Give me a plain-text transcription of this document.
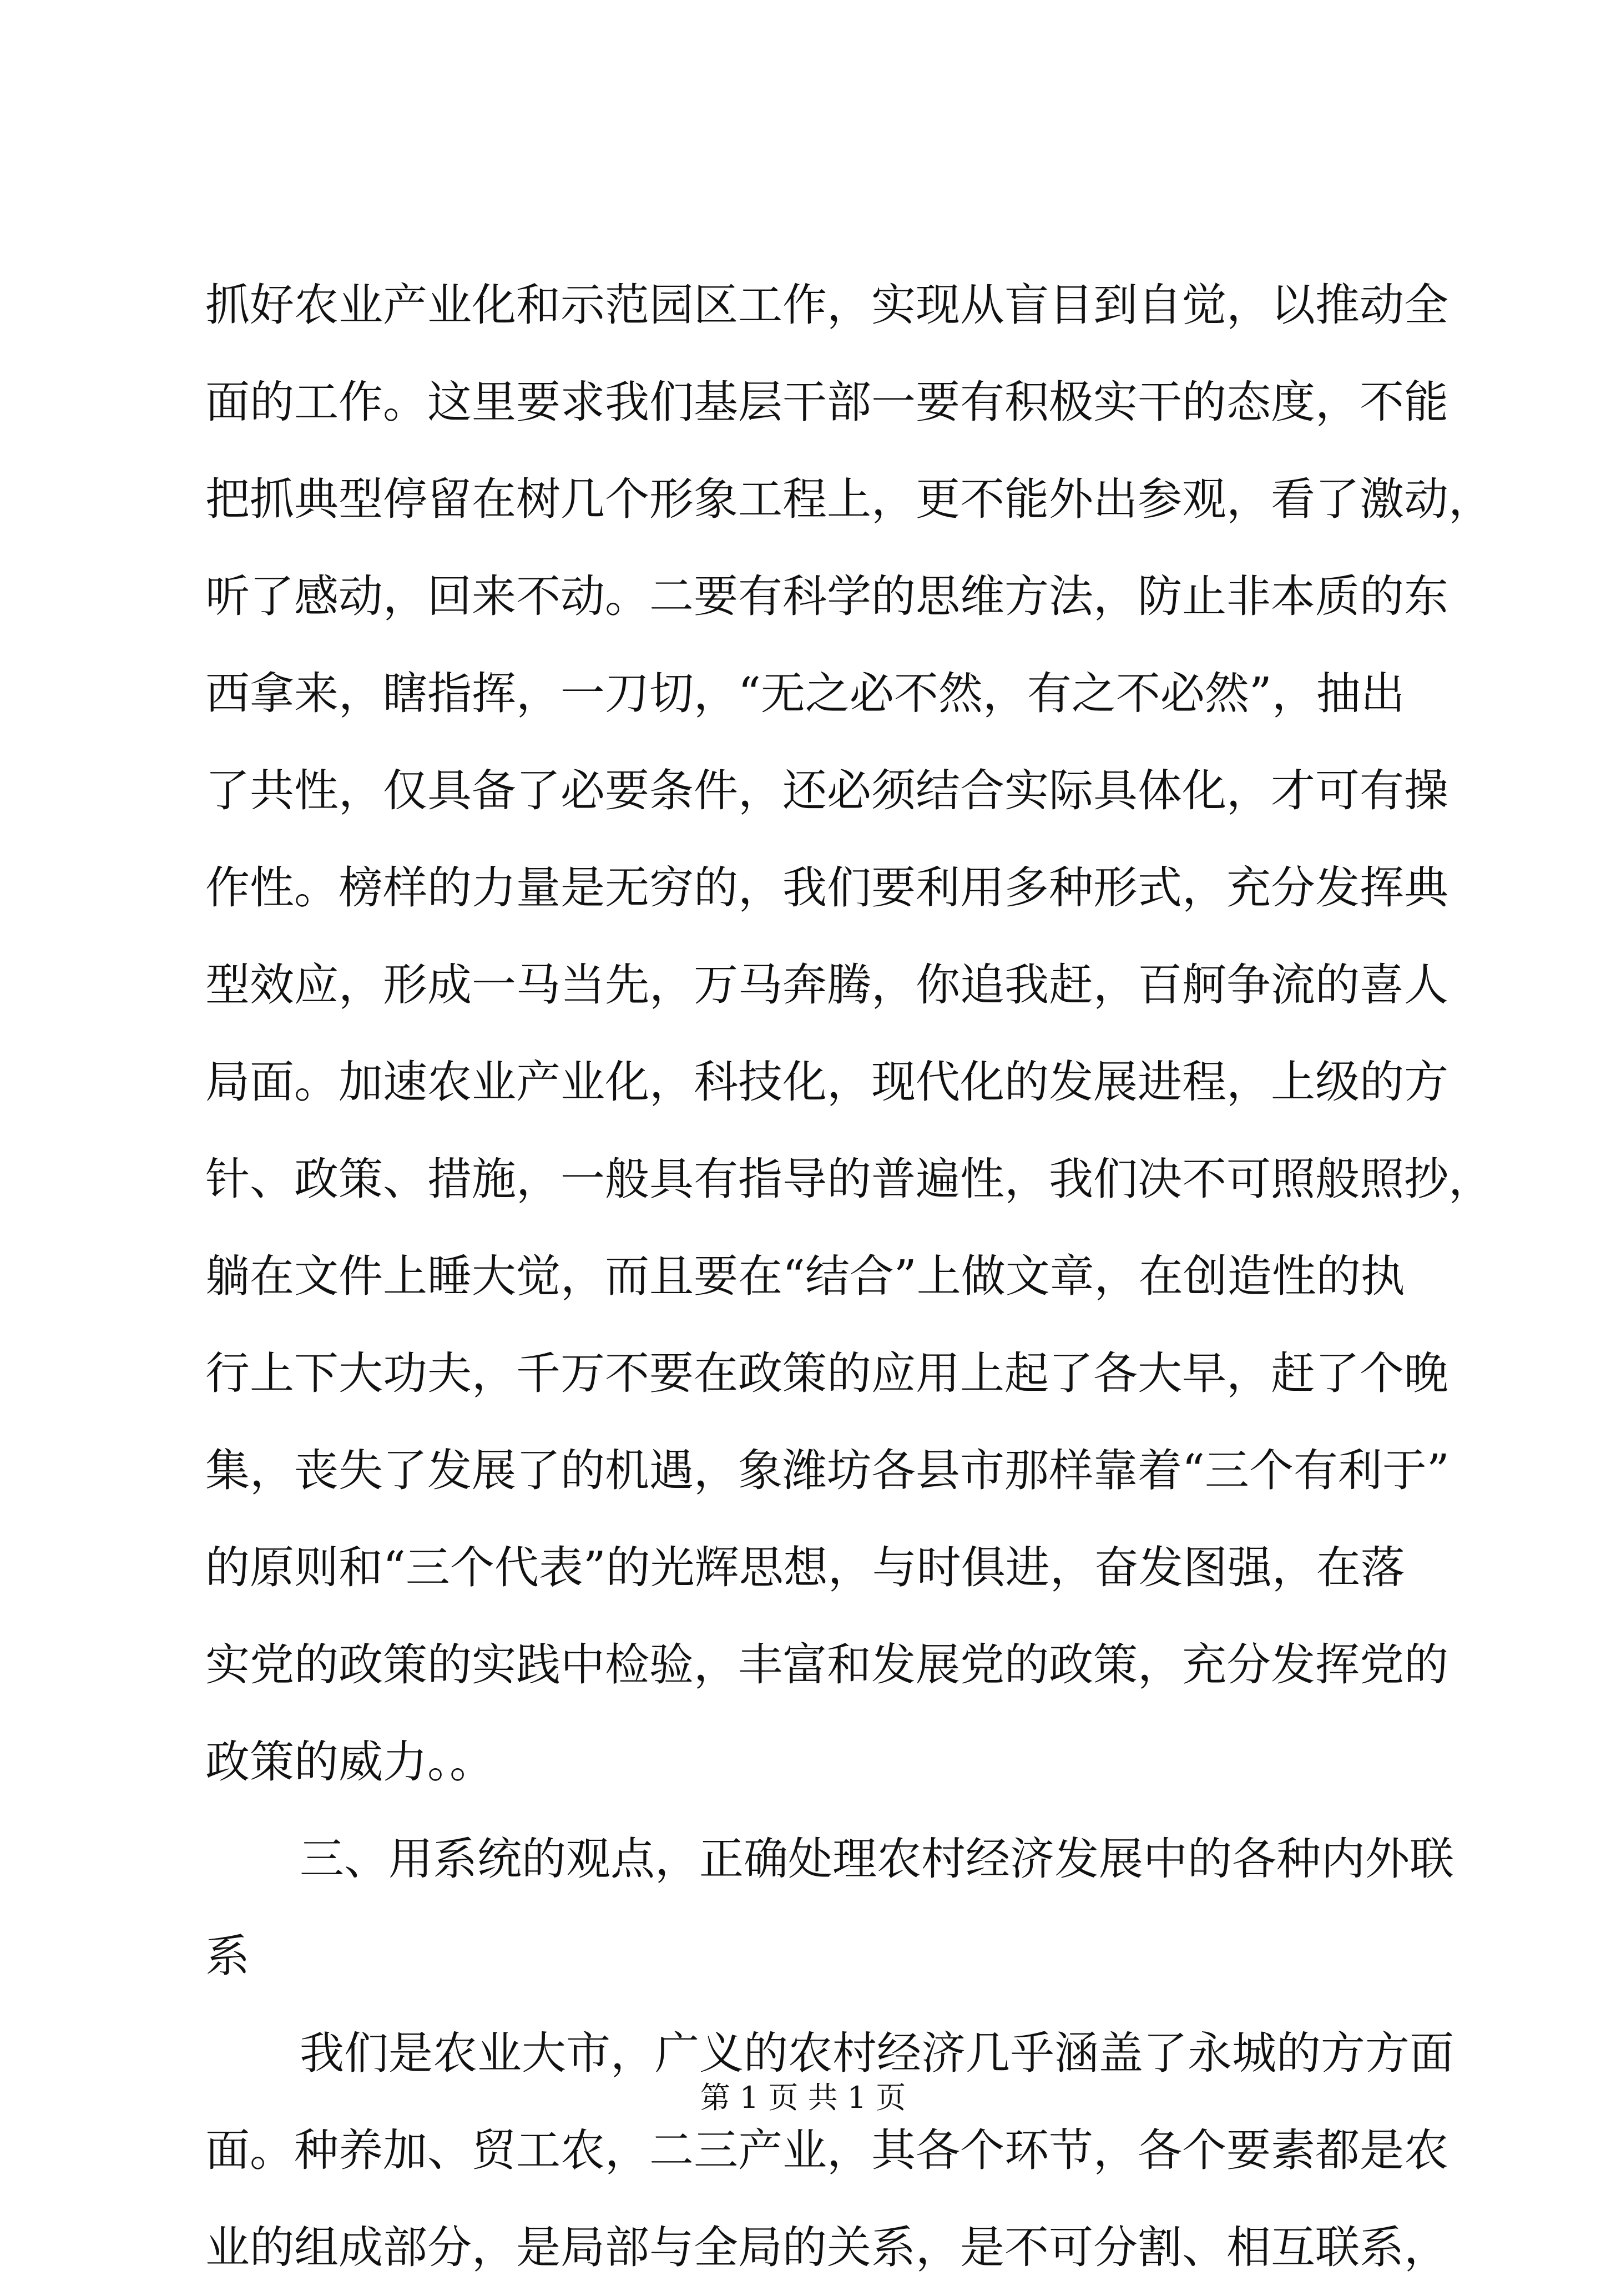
抓好农业产业化和示范园区工作，实现从盲目到自觉，以推动全
面的工作。这里要求我们基层干部一要有积极实干的态度，不能
把抓典型停留在树几个形象工程上，更不能外出参观，看了激动，
听了感动，回来不动。二要有科学的思维方法，防止非本质的东
西拿来，瞎指挥，一刀切，“无之必不然，有之不必然”，抽出
了共性，仅具备了必要条件，还必须结合实际具体化，才可有操
作性。榜样的力量是无穷的，我们要利用多种形式，充分发挥典
型效应，形成一马当先，万马奔腾，你追我赶，百舸争流的喜人
局面。加速农业产业化，科技化，现代化的发展进程，上级的方
针、政策、措施，一般具有指导的普遍性，我们决不可照般照抄，
躺在文件上睡大觉，而且要在“结合”上做文章，在创造性的执
行上下大功夫，千万不要在政策的应用上起了各大早，赶了个晚
集，丧失了发展了的机遇，象潍坊各县市那样靠着“三个有利于”
的原则和“三个代表”的光辉思想，与时俱进，奋发图强，在落
实党的政策的实践中检验，丰富和发展党的政策，充分发挥党的
政策的威力。。
三、用系统的观点，正确处理农村经济发展中的各种内外联
系
我们是农业大市，广义的农村经济几乎涵盖了永城的方方面
面。种养加、贸工农，二三产业，其各个环节，各个要素都是农
业的组成部分，是局部与全局的关系，是不可分割、相互联系，
第 1 页 共 1 页
